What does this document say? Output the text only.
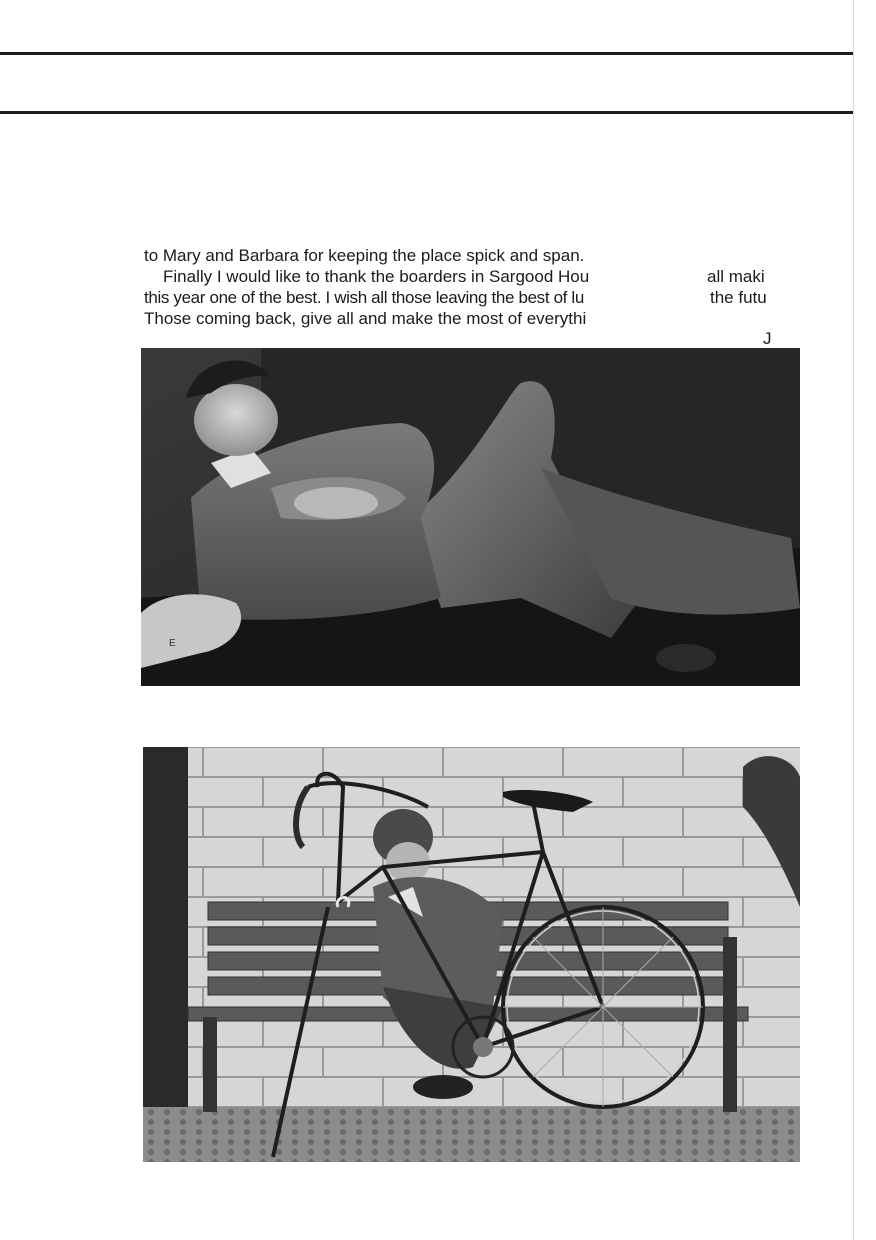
to Mary and Barbara for keeping the place spick and span.
Finally I would like to thank the boarders in Sargood Hou
this year one of the best. I wish all those leaving the best of lu
Those coming back, give all and make the most of everythi
all maki
the futu
J
E
